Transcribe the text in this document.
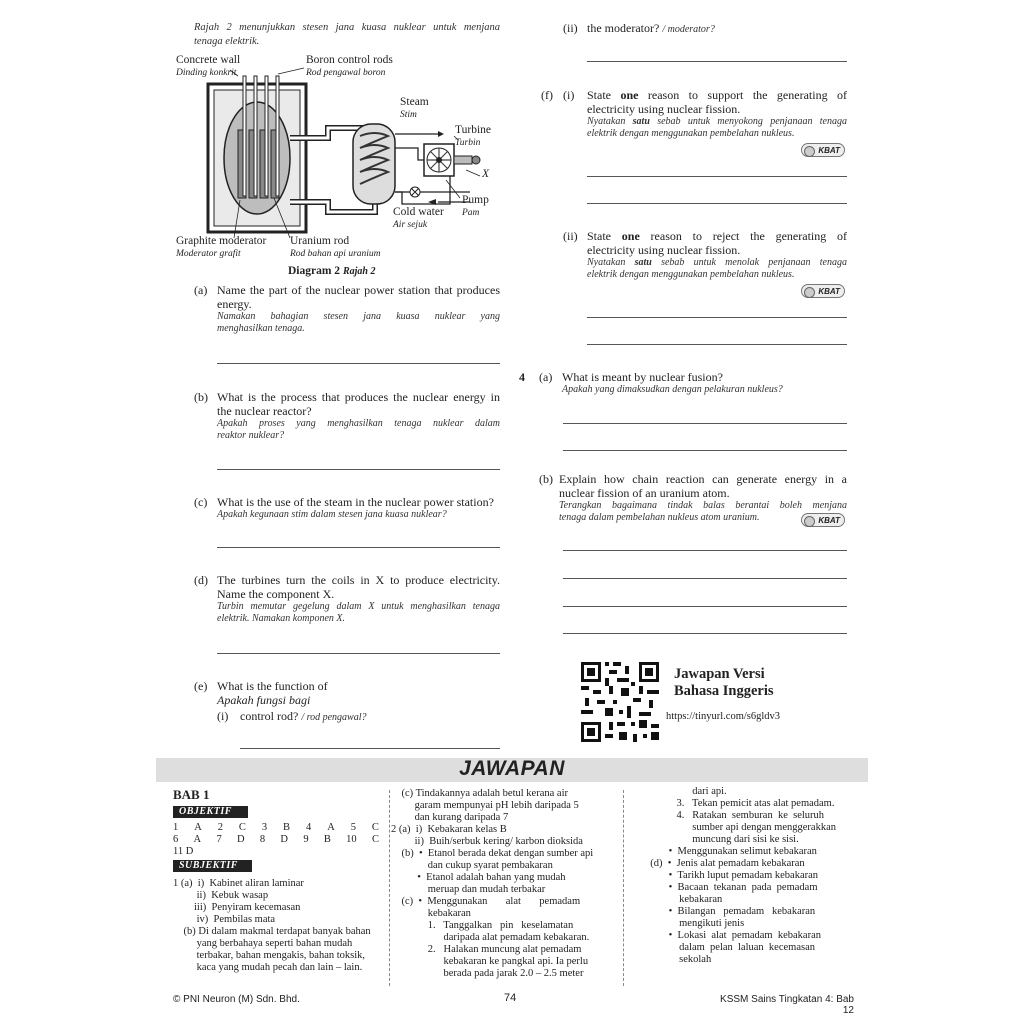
Rajah 2 menunjukkan stesen jana kuasa nuklear untuk menjana
tenaga elektrik.
Concrete wall
Dinding konkrit
Boron control rods
Rod pengawal boron
Steam
Stim
Turbine
Turbin
X
Pump
Pam
Cold water
Air sejuk
Graphite moderator
Moderator grafit
Uranium rod
Rod bahan api uranium
Diagram 2 Rajah 2
(a) Name the part of the nuclear power station that produces
energy.
Namakan bahagian stesen jana kuasa nuklear yang
menghasilkan tenaga.
(b) What is the process that produces the nuclear energy in
the nuclear reactor?
Apakah proses yang menghasilkan tenaga nuklear dalam
reaktor nuklear?
(c) What is the use of the steam in the nuclear power station?
Apakah kegunaan stim dalam stesen jana kuasa nuklear?
(d) The turbines turn the coils in X to produce electricity.
Name the component X.
Turbin memutar gegelung dalam X untuk menghasilkan tenaga
elektrik. Namakan komponen X.
(e) What is the function of
Apakah fungsi bagi
(i) control rod? / rod pengawal?
(ii) the moderator? / moderator?
(f) (i) State one reason to support the generating of
electricity using nuclear fission.
Nyatakan satu sebab untuk menyokong penjanaan tenaga
elektrik dengan menggunakan pembelahan nukleus.
KBAT
(ii) State one reason to reject the generating of
electricity using nuclear fission.
Nyatakan satu sebab untuk menolak penjanaan tenaga
elektrik dengan menggunakan pembelahan nukleus.
KBAT
4 (a) What is meant by nuclear fusion?
Apakah yang dimaksudkan dengan pelakuran nukleus?
(b) Explain how chain reaction can generate energy in a
nuclear fission of an uranium atom.
Terangkan bagaimana tindak balas berantai boleh menjana
tenaga dalam pembelahan nukleus atom uranium.	KBAT
Jawapan Versi
Bahasa Inggeris
https://tinyurl.com/s6gldv3
JAWAPAN
BAB 1
OBJEKTIF
1 A 2 C 3 B 4 A 5 C
6 A 7 D 8 D 9 B 10 C
11 D
SUBJEKTIF
1 (a)  i)  Kabinet aliran laminar
ii)  Kebuk wasap
iii)  Penyiram kecemasan
iv)  Pembilas mata
(b) Di dalam makmal terdapat banyak bahan
yang berbahaya seperti bahan mudah
terbakar, bahan mengakis, bahan toksik,
kaca yang mudah pecah dan lain – lain.
(c) Tindakannya adalah betul kerana air
garam mempunyai pH lebih daripada 5
dan kurang daripada 7
2 (a)  i)  Kebakaran kelas B
ii)  Buih/serbuk kering/ karbon dioksida
(b)  •  Etanol berada dekat dengan sumber api
dan cukup syarat pembakaran
•  Etanol adalah bahan yang mudah
meruap dan mudah terbakar
(c)  •  Menggunakan       alat       pemadam
kebakaran
1.   Tanggalkan   pin   keselamatan
daripada alat pemadam kebakaran.
2.   Halakan muncung alat pemadam
kebakaran ke pangkal api. Ia perlu
berada pada jarak 2.0 – 2.5 meter
dari api.
3.   Tekan pemicit atas alat pemadam.
4.   Ratakan  semburan  ke  seluruh
sumber api dengan menggerakkan
muncung dari sisi ke sisi.
•  Menggunakan selimut kebakaran
(d)  •  Jenis alat pemadam kebakaran
•  Tarikh luput pemadam kebakaran
•  Bacaan  tekanan  pada  pemadam
kebakaran
•  Bilangan   pemadam   kebakaran
mengikuti jenis
•  Lokasi  alat  pemadam  kebakaran
dalam  pelan  laluan  kecemasan
sekolah
© PNI Neuron (M) Sdn. Bhd.	74	KSSM Sains Tingkatan 4: Bab 12
